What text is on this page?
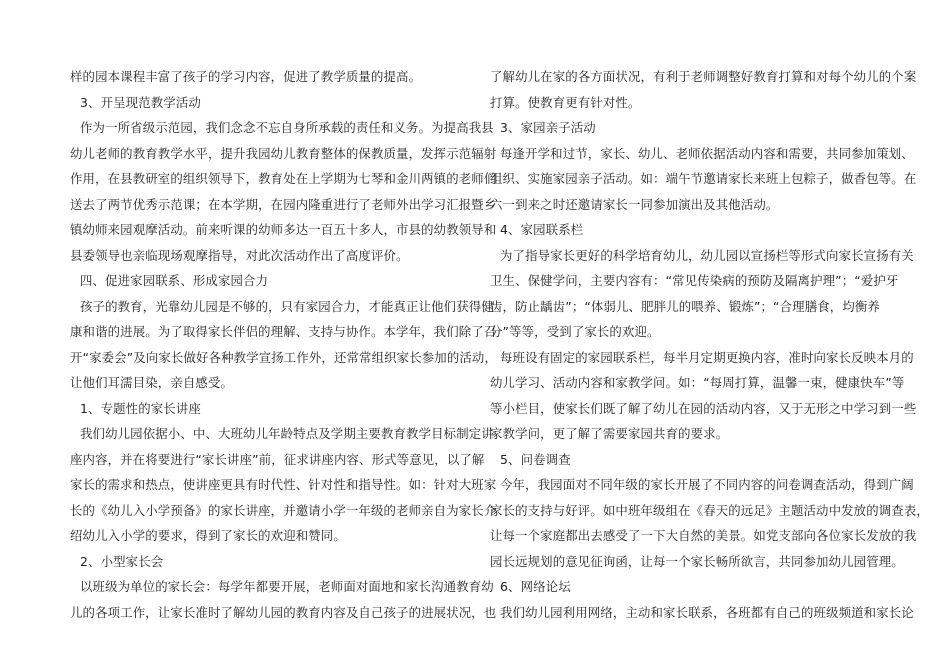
样的园本课程丰富了孩子的学习内容，促进了教学质量的提高。
3、开呈现范教学活动
作为一所省级示范园，我们念念不忘自身所承载的责任和义务。为提高我县
幼儿老师的教育教学水平，提升我园幼儿教育整体的保教质量，发挥示范辐射
作用，在县教研室的组织领导下，教育处在上学期为七琴和金川两镇的老师们
送去了两节优秀示范课；在本学期，在园内隆重进行了老师外出学习汇报暨乡
镇幼师来园观摩活动。前来听课的幼师多达一百五十多人，市县的幼教领导和
县委领导也亲临现场观摩指导，对此次活动作出了高度评价。
四、促进家园联系、形成家园合力
孩子的教育，光靠幼儿园是不够的，只有家园合力，才能真正让他们获得健
康和谐的进展。为了取得家长伴侣的理解、支持与协作。本学年，我们除了召
开“家委会”及向家长做好各种教学宣扬工作外，还常常组织家长参加的活动，
让他们耳濡目染，亲自感受。
1、专题性的家长讲座
我们幼儿园依据小、中、大班幼儿年龄特点及学期主要教育教学目标制定讲
座内容，并在将要进行“家长讲座”前，征求讲座内容、形式等意见，以了解
家长的需求和热点，使讲座更具有时代性、针对性和指导性。如：针对大班家
长的《幼儿入小学预备》的家长讲座，并邀请小学一年级的老师亲自为家长介
绍幼儿入小学的要求，得到了家长的欢迎和赞同。
2、小型家长会
以班级为单位的家长会：每学年都要开展，老师面对面地和家长沟通教育幼
儿的各项工作，让家长准时了解幼儿园的教育内容及自己孩子的进展状况，也
了解幼儿在家的各方面状况，有利于老师调整好教育打算和对每个幼儿的个案
打算。使教育更有针对性。
3、家园亲子活动
每逢开学和过节，家长、幼儿、老师依据活动内容和需要，共同参加策划、
组织、实施家园亲子活动。如：端午节邀请家长来班上包粽子，做香包等。在
六一到来之时还邀请家长一同参加演出及其他活动。
4、家园联系栏
为了指导家长更好的科学培育幼儿，幼儿园以宣扬栏等形式向家长宣扬有关
卫生、保健学问，主要内容有：“常见传染病的预防及隔离护理”；“爱护牙
齿，防止龋齿”；“体弱儿、肥胖儿的喂养、锻炼”；“合理膳食，均衡养
分”等等，受到了家长的欢迎。
每班设有固定的家园联系栏，每半月定期更换内容，准时向家长反映本月的
幼儿学习、活动内容和家教学问。如：“每周打算，温馨一束，健康快车”等
等小栏目，使家长们既了解了幼儿在园的活动内容，又于无形之中学习到一些
家教学问，更了解了需要家园共育的要求。
5、问卷调查
今年，我园面对不同年级的家长开展了不同内容的问卷调查活动，得到广阔
家长的支持与好评。如中班年级组在《春天的远足》主题活动中发放的调查表，
让每一个家庭都出去感受了一下大自然的美景。如党支部向各位家长发放的我
园长远规划的意见征询函，让每一个家长畅所欲言，共同参加幼儿园管理。
6、网络论坛
我们幼儿园利用网络，主动和家长联系，各班都有自己的班级频道和家长论
